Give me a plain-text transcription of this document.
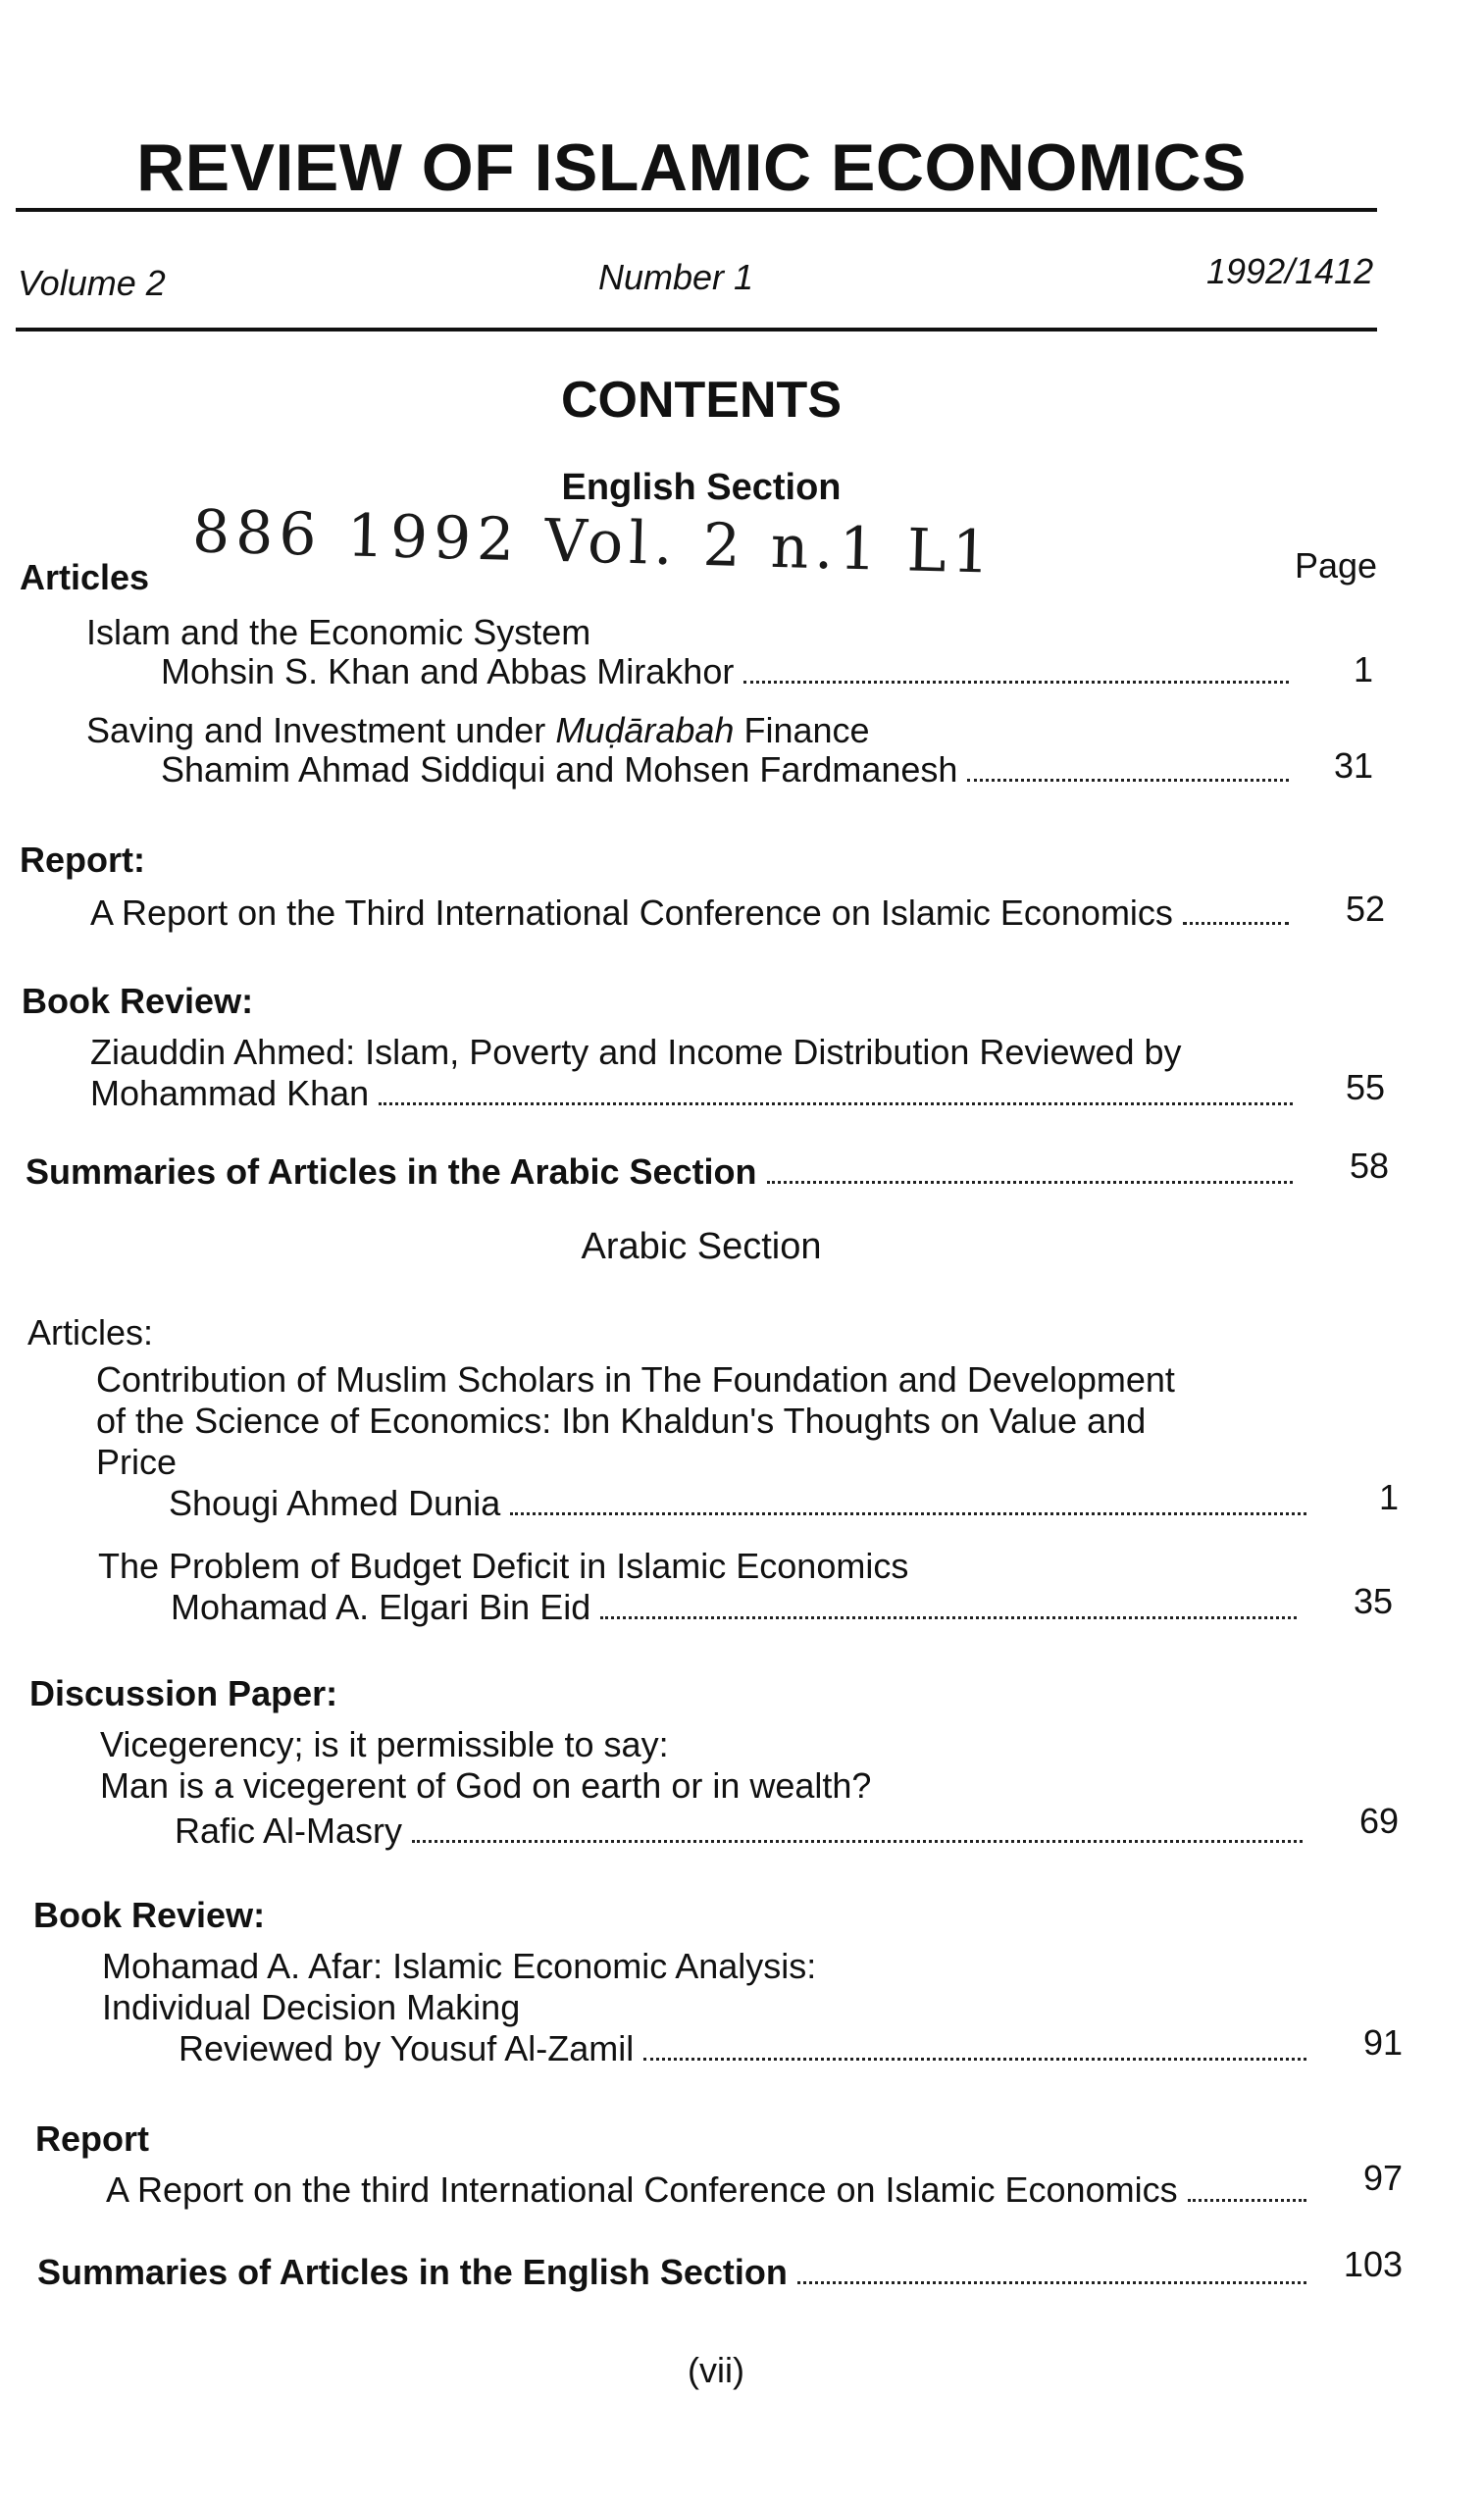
REVIEW OF ISLAMIC ECONOMICS
Volume 2	Number 1	1992/1412
CONTENTS
English Section
886 1992 Vol. 2 n.1 L1
Articles	Page
Islam and the Economic System
Mohsin S. Khan and Abbas Mirakhor	1
Saving and Investment under Muḍārabah Finance
Shamim Ahmad Siddiqui and Mohsen Fardmanesh	31
Report:
A Report on the Third International Conference on Islamic Economics	52
Book Review:
Ziauddin Ahmed: Islam, Poverty and Income Distribution Reviewed by
Mohammad Khan	55
Summaries of Articles in the Arabic Section	58
Arabic Section
Articles:
Contribution of Muslim Scholars in The Foundation and Development
of the Science of Economics: Ibn Khaldun's Thoughts on Value and
Price
Shougi Ahmed Dunia	1
The Problem of Budget Deficit in Islamic Economics
Mohamad A. Elgari Bin Eid	35
Discussion Paper:
Vicegerency; is it permissible to say:
Man is a vicegerent of God on earth or in wealth?
Rafic Al-Masry	69
Book Review:
Mohamad A. Afar: Islamic Economic Analysis:
Individual Decision Making
Reviewed by Yousuf Al-Zamil	91
Report
A Report on the third International Conference on Islamic Economics	97
Summaries of Articles in the English Section	103
(vii)
